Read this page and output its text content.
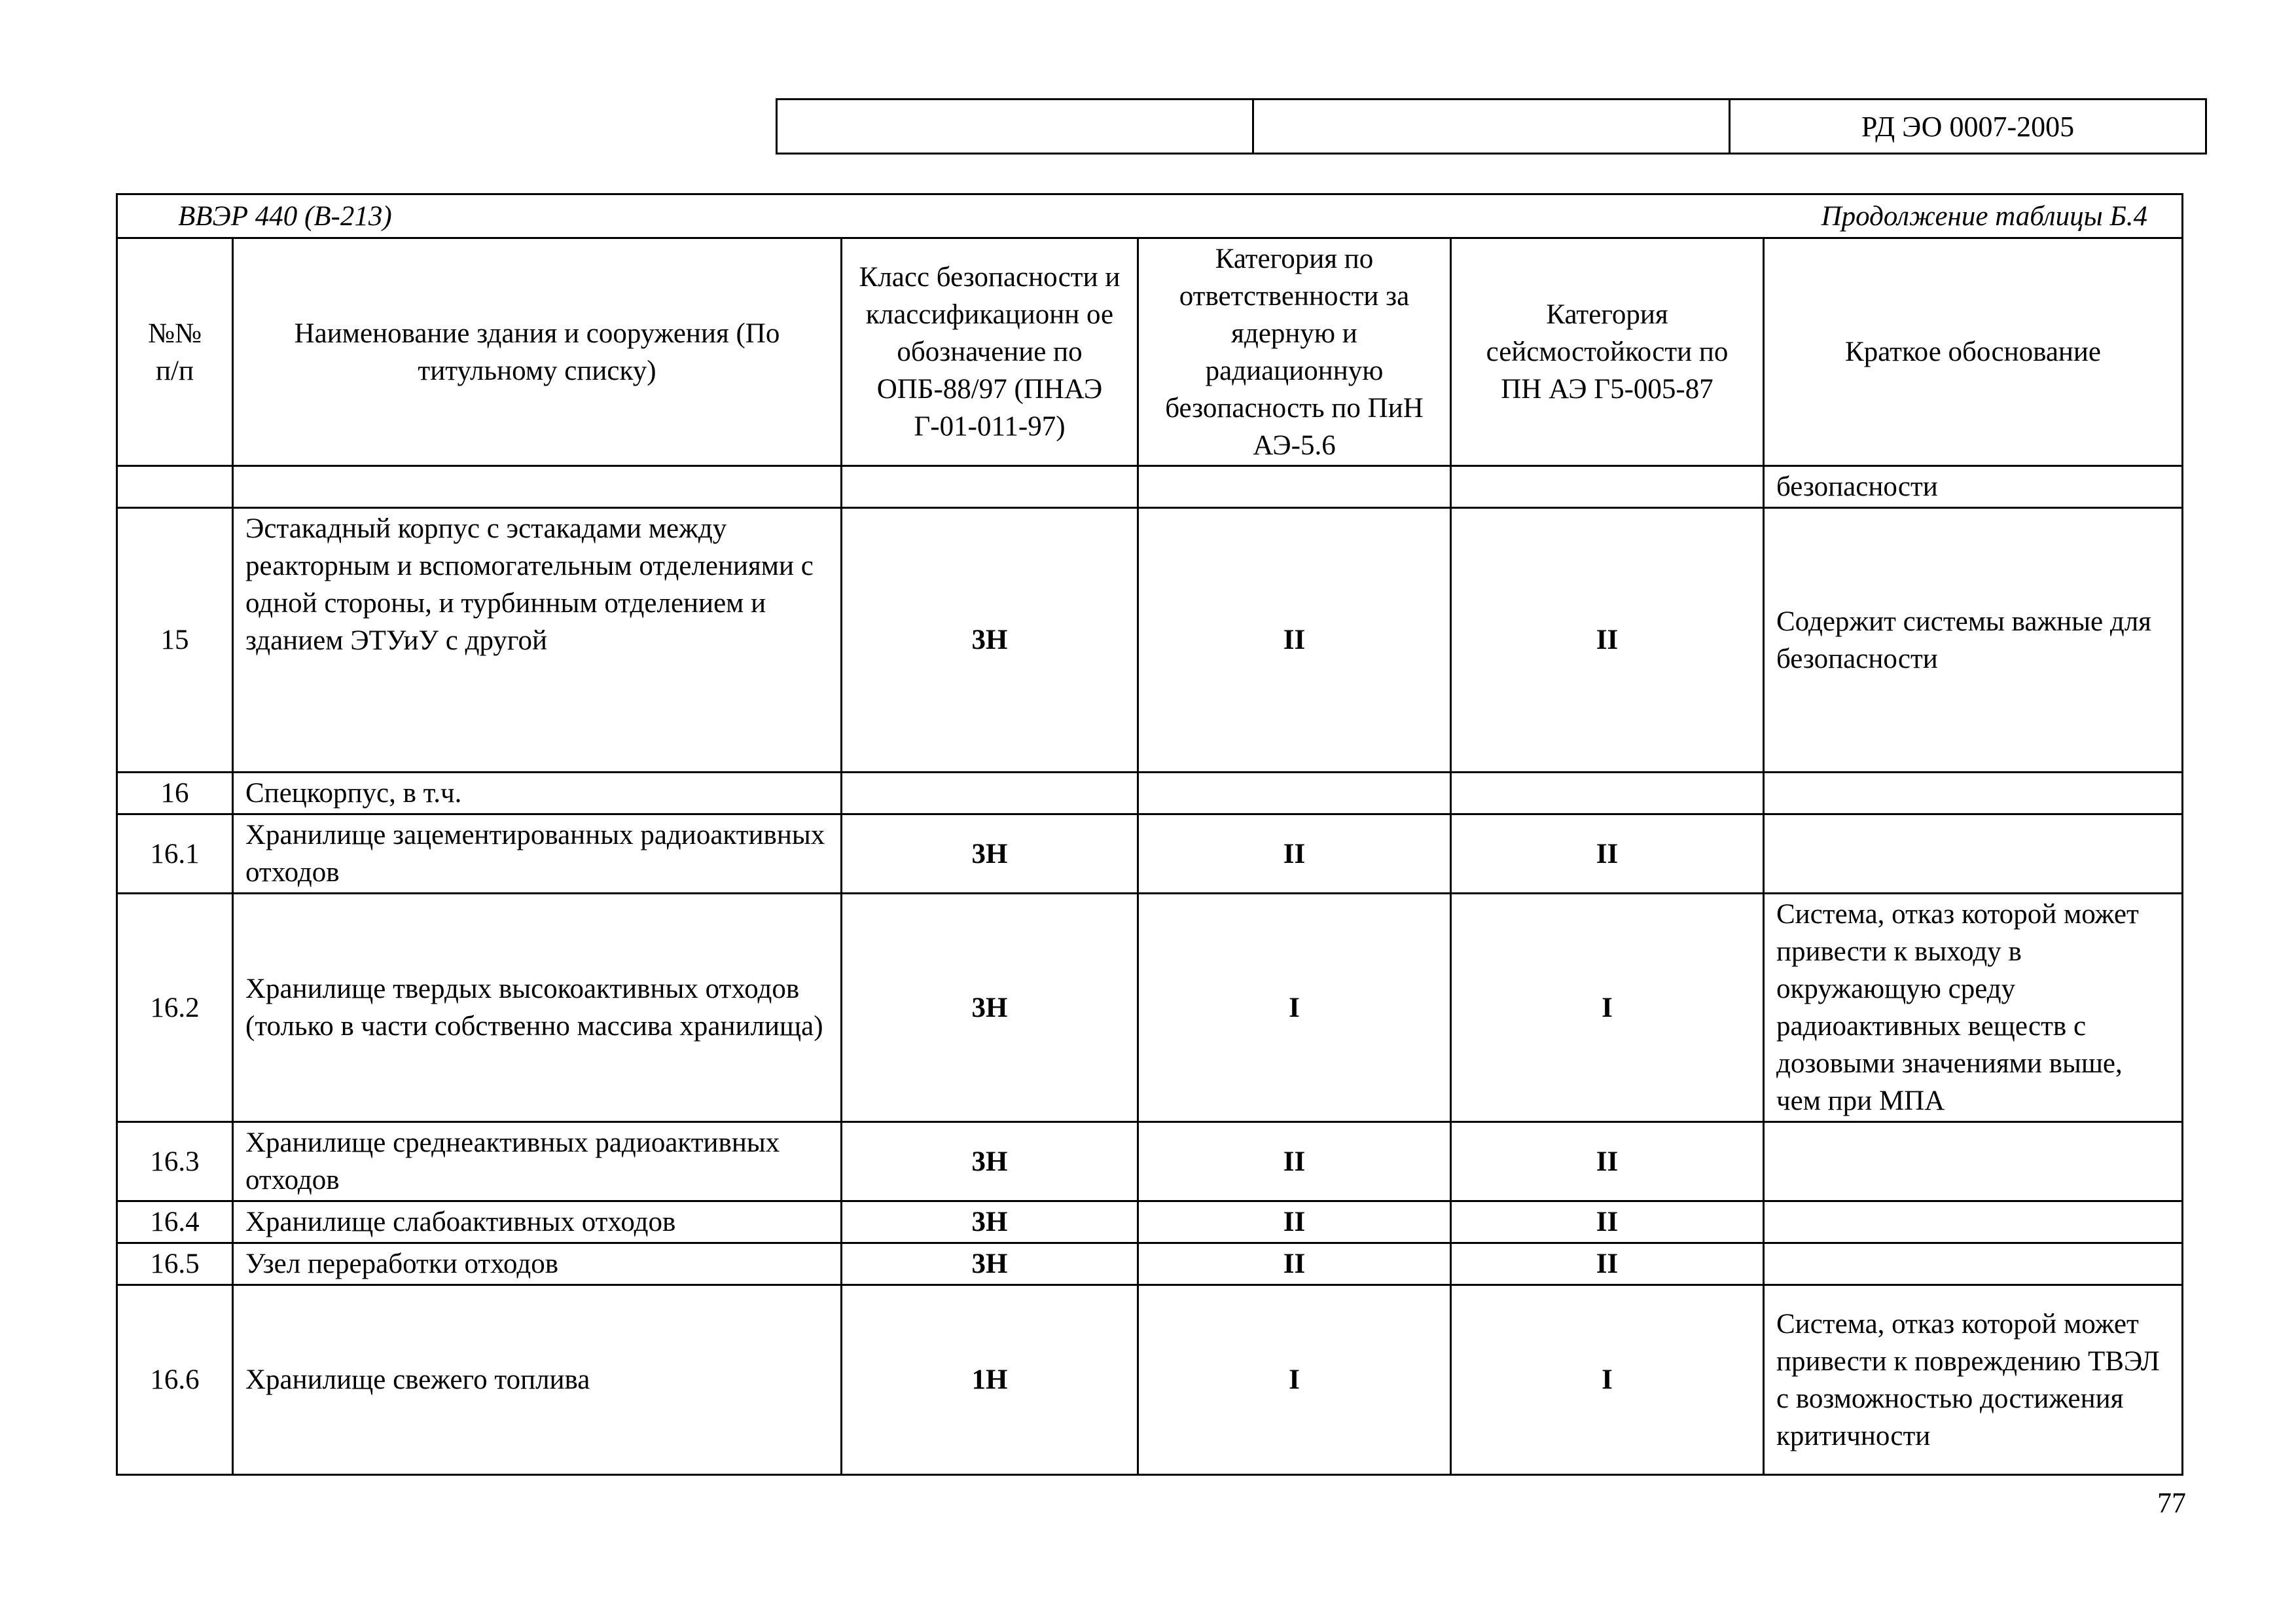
		РД ЭО 0007-2005
ВВЭР 440 (В-213) Продолжение таблицы Б.4					

№№ п/п	Наименование здания и сооружения (По титульному списку)	Класс безопасности и классификационн ое обозначение по ОПБ-88/97 (ПНАЭ Г-01-011-97)	Категория по ответственности за ядерную и радиационную безопасность по ПиН АЭ-5.6	Категория сейсмостойкости по ПН АЭ Г5-005-87	Краткое обоснование
					безопасности
15	Эстакадный корпус с эстакадами между реакторным и вспомогательным отделениями с одной стороны, и турбинным отделением и зданием ЭТУиУ с другой	3Н	II	II	Содержит системы важные для безопасности
16	Спецкорпус, в т.ч.				
16.1	Хранилище зацементированных радиоактивных отходов	3Н	II	II	
16.2	Хранилище твердых высокоактивных отходов (только в части собственно массива хранилища)	3Н	I	I	Система, отказ которой может привести к выходу в окружающую среду радиоактивных веществ с дозовыми значениями выше, чем при МПА
16.3	Хранилище среднеактивных радиоактивных отходов	3Н	II	II	
16.4	Хранилище слабоактивных отходов	3Н	II	II	
16.5	Узел переработки отходов	3Н	II	II	
16.6	Хранилище свежего топлива	1Н	I	I	Система, отказ которой может привести к повреждению ТВЭЛ с возможностью достижения критичности
77
